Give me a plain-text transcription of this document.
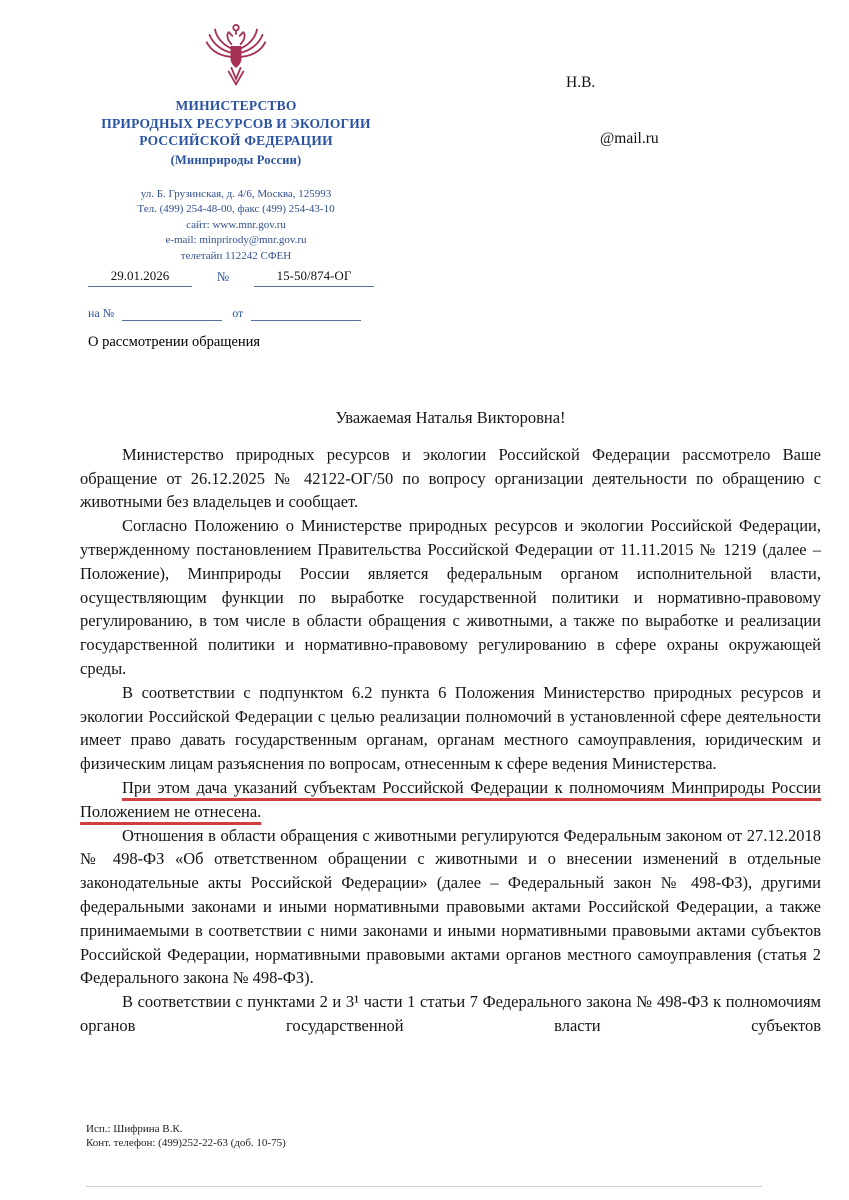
МИНИСТЕРСТВО
ПРИРОДНЫХ РЕСУРСОВ И ЭКОЛОГИИ
РОССИЙСКОЙ ФЕДЕРАЦИИ
(Минприроды России)
ул. Б. Грузинская, д. 4/6, Москва, 125993
Тел. (499) 254-48-00, факс (499) 254-43-10
сайт: www.mnr.gov.ru
e-mail: minprirody@mnr.gov.ru
телетайп 112242 СФЕН
29.01.2026	№	15-50/874-ОГ
на №	от
О рассмотрении обращения
Н.В.
@mail.ru
Уважаемая Наталья Викторовна!

Министерство природных ресурсов и экологии Российской Федерации рассмотрело Ваше обращение от 26.12.2025 № 42122-ОГ/50 по вопросу организации деятельности по обращению с животными без владельцев и сообщает.

Согласно Положению о Министерстве природных ресурсов и экологии Российской Федерации, утвержденному постановлением Правительства Российской Федерации от 11.11.2015 № 1219 (далее – Положение), Минприроды России является федеральным органом исполнительной власти, осуществляющим функции по выработке государственной политики и нормативно-правовому регулированию, в том числе в области обращения с животными, а также по выработке и реализации государственной политики и нормативно-правовому регулированию в сфере охраны окружающей среды.

В соответствии с подпунктом 6.2 пункта 6 Положения Министерство природных ресурсов и экологии Российской Федерации с целью реализации полномочий в установленной сфере деятельности имеет право давать государственным органам, органам местного самоуправления, юридическим и физическим лицам разъяснения по вопросам, отнесенным к сфере ведения Министерства.

При этом дача указаний субъектам Российской Федерации к полномочиям Минприроды России Положением не отнесена.

Отношения в области обращения с животными регулируются Федеральным законом от 27.12.2018 № 498-ФЗ «Об ответственном обращении с животными и о внесении изменений в отдельные законодательные акты Российской Федерации» (далее – Федеральный закон № 498-ФЗ), другими федеральными законами и иными нормативными правовыми актами Российской Федерации, а также принимаемыми в соответствии с ними законами и иными нормативными правовыми актами субъектов Российской Федерации, нормативными правовыми актами органов местного самоуправления (статья 2 Федерального закона № 498-ФЗ).

В соответствии с пунктами 2 и 3¹ части 1 статьи 7 Федерального закона № 498-ФЗ к полномочиям органов государственной власти субъектов

Исп.: Шифрина В.К.
Конт. телефон: (499)252-22-63 (доб. 10-75)
